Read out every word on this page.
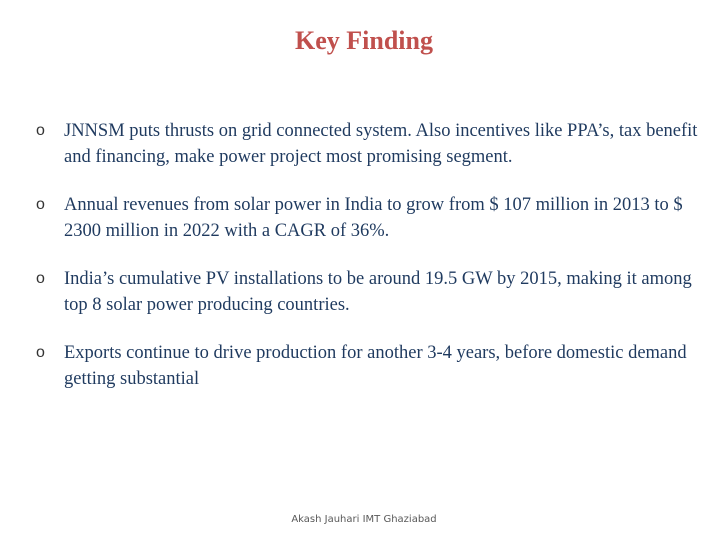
Key Finding
o JNNSM puts thrusts on grid connected system. Also incentives like PPA’s, tax benefit and financing, make power project most promising segment.
o Annual revenues from solar power in India to grow from $ 107 million in 2013 to $ 2300 million in 2022 with a CAGR of 36%.
o India’s cumulative PV installations to be around 19.5 GW by 2015, making it among top 8 solar power producing countries.
o Exports continue to drive production for another 3-4 years, before domestic demand getting substantial
Akash Jauhari IMT Ghaziabad
